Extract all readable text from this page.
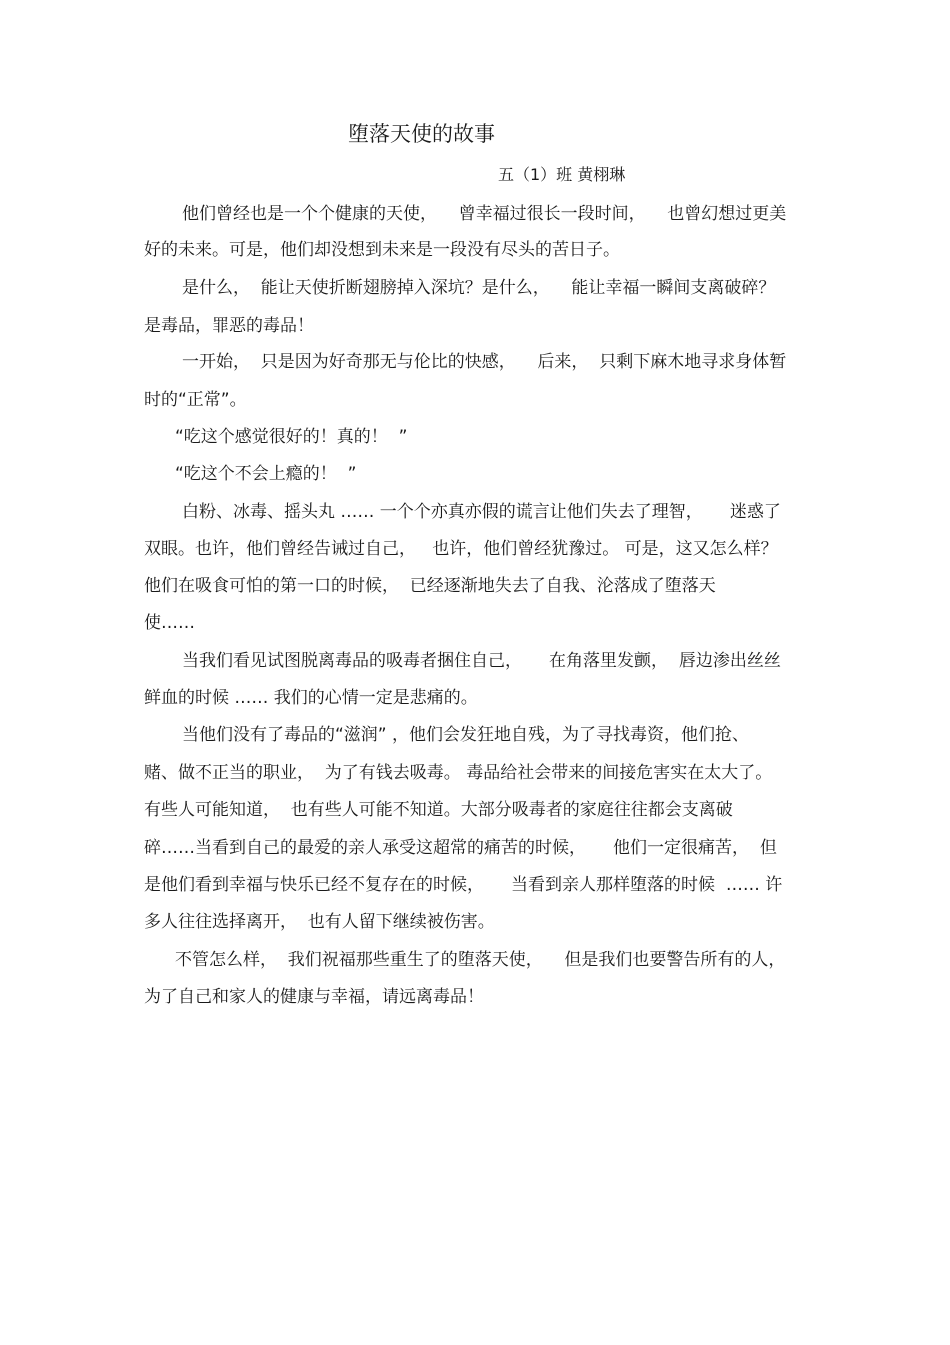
堕落天使的故事
五（1）班 黄栩琳
他们曾经也是一个个健康的天使，    曾幸福过很长一段时间，    也曾幻想过更美
好的未来。可是，他们却没想到未来是一段没有尽头的苦日子。
是什么，  能让天使折断翅膀掉入深坑？是什么，    能让幸福一瞬间支离破碎？
是毒品，罪恶的毒品！
一开始，  只是因为好奇那无与伦比的快感，    后来，  只剩下麻木地寻求身体暂
时的“正常”。
“吃这个感觉很好的！真的！  ”
“吃这个不会上瘾的！  ”
白粉、冰毒、摇头丸 …… 一个个亦真亦假的谎言让他们失去了理智，     迷惑了
双眼。也许，他们曾经告诫过自己，   也许，他们曾经犹豫过。 可是，这又怎么样？
他们在吸食可怕的第一口的时候，  已经逐渐地失去了自我、沦落成了堕落天
使……
当我们看见试图脱离毒品的吸毒者捆住自己，     在角落里发颤，  唇边渗出丝丝
鲜血的时候 …… 我们的心情一定是悲痛的。
当他们没有了毒品的“滋润” ，他们会发狂地自残，为了寻找毒资，他们抢、
赌、做不正当的职业，  为了有钱去吸毒。 毒品给社会带来的间接危害实在太大了。
有些人可能知道，  也有些人可能不知道。大部分吸毒者的家庭往往都会支离破
碎……当看到自己的最爱的亲人承受这超常的痛苦的时候，     他们一定很痛苦，  但
是他们看到幸福与快乐已经不复存在的时候，     当看到亲人那样堕落的时候  …… 许
多人往往选择离开，  也有人留下继续被伤害。
不管怎么样，  我们祝福那些重生了的堕落天使，    但是我们也要警告所有的人，
为了自己和家人的健康与幸福，请远离毒品！
